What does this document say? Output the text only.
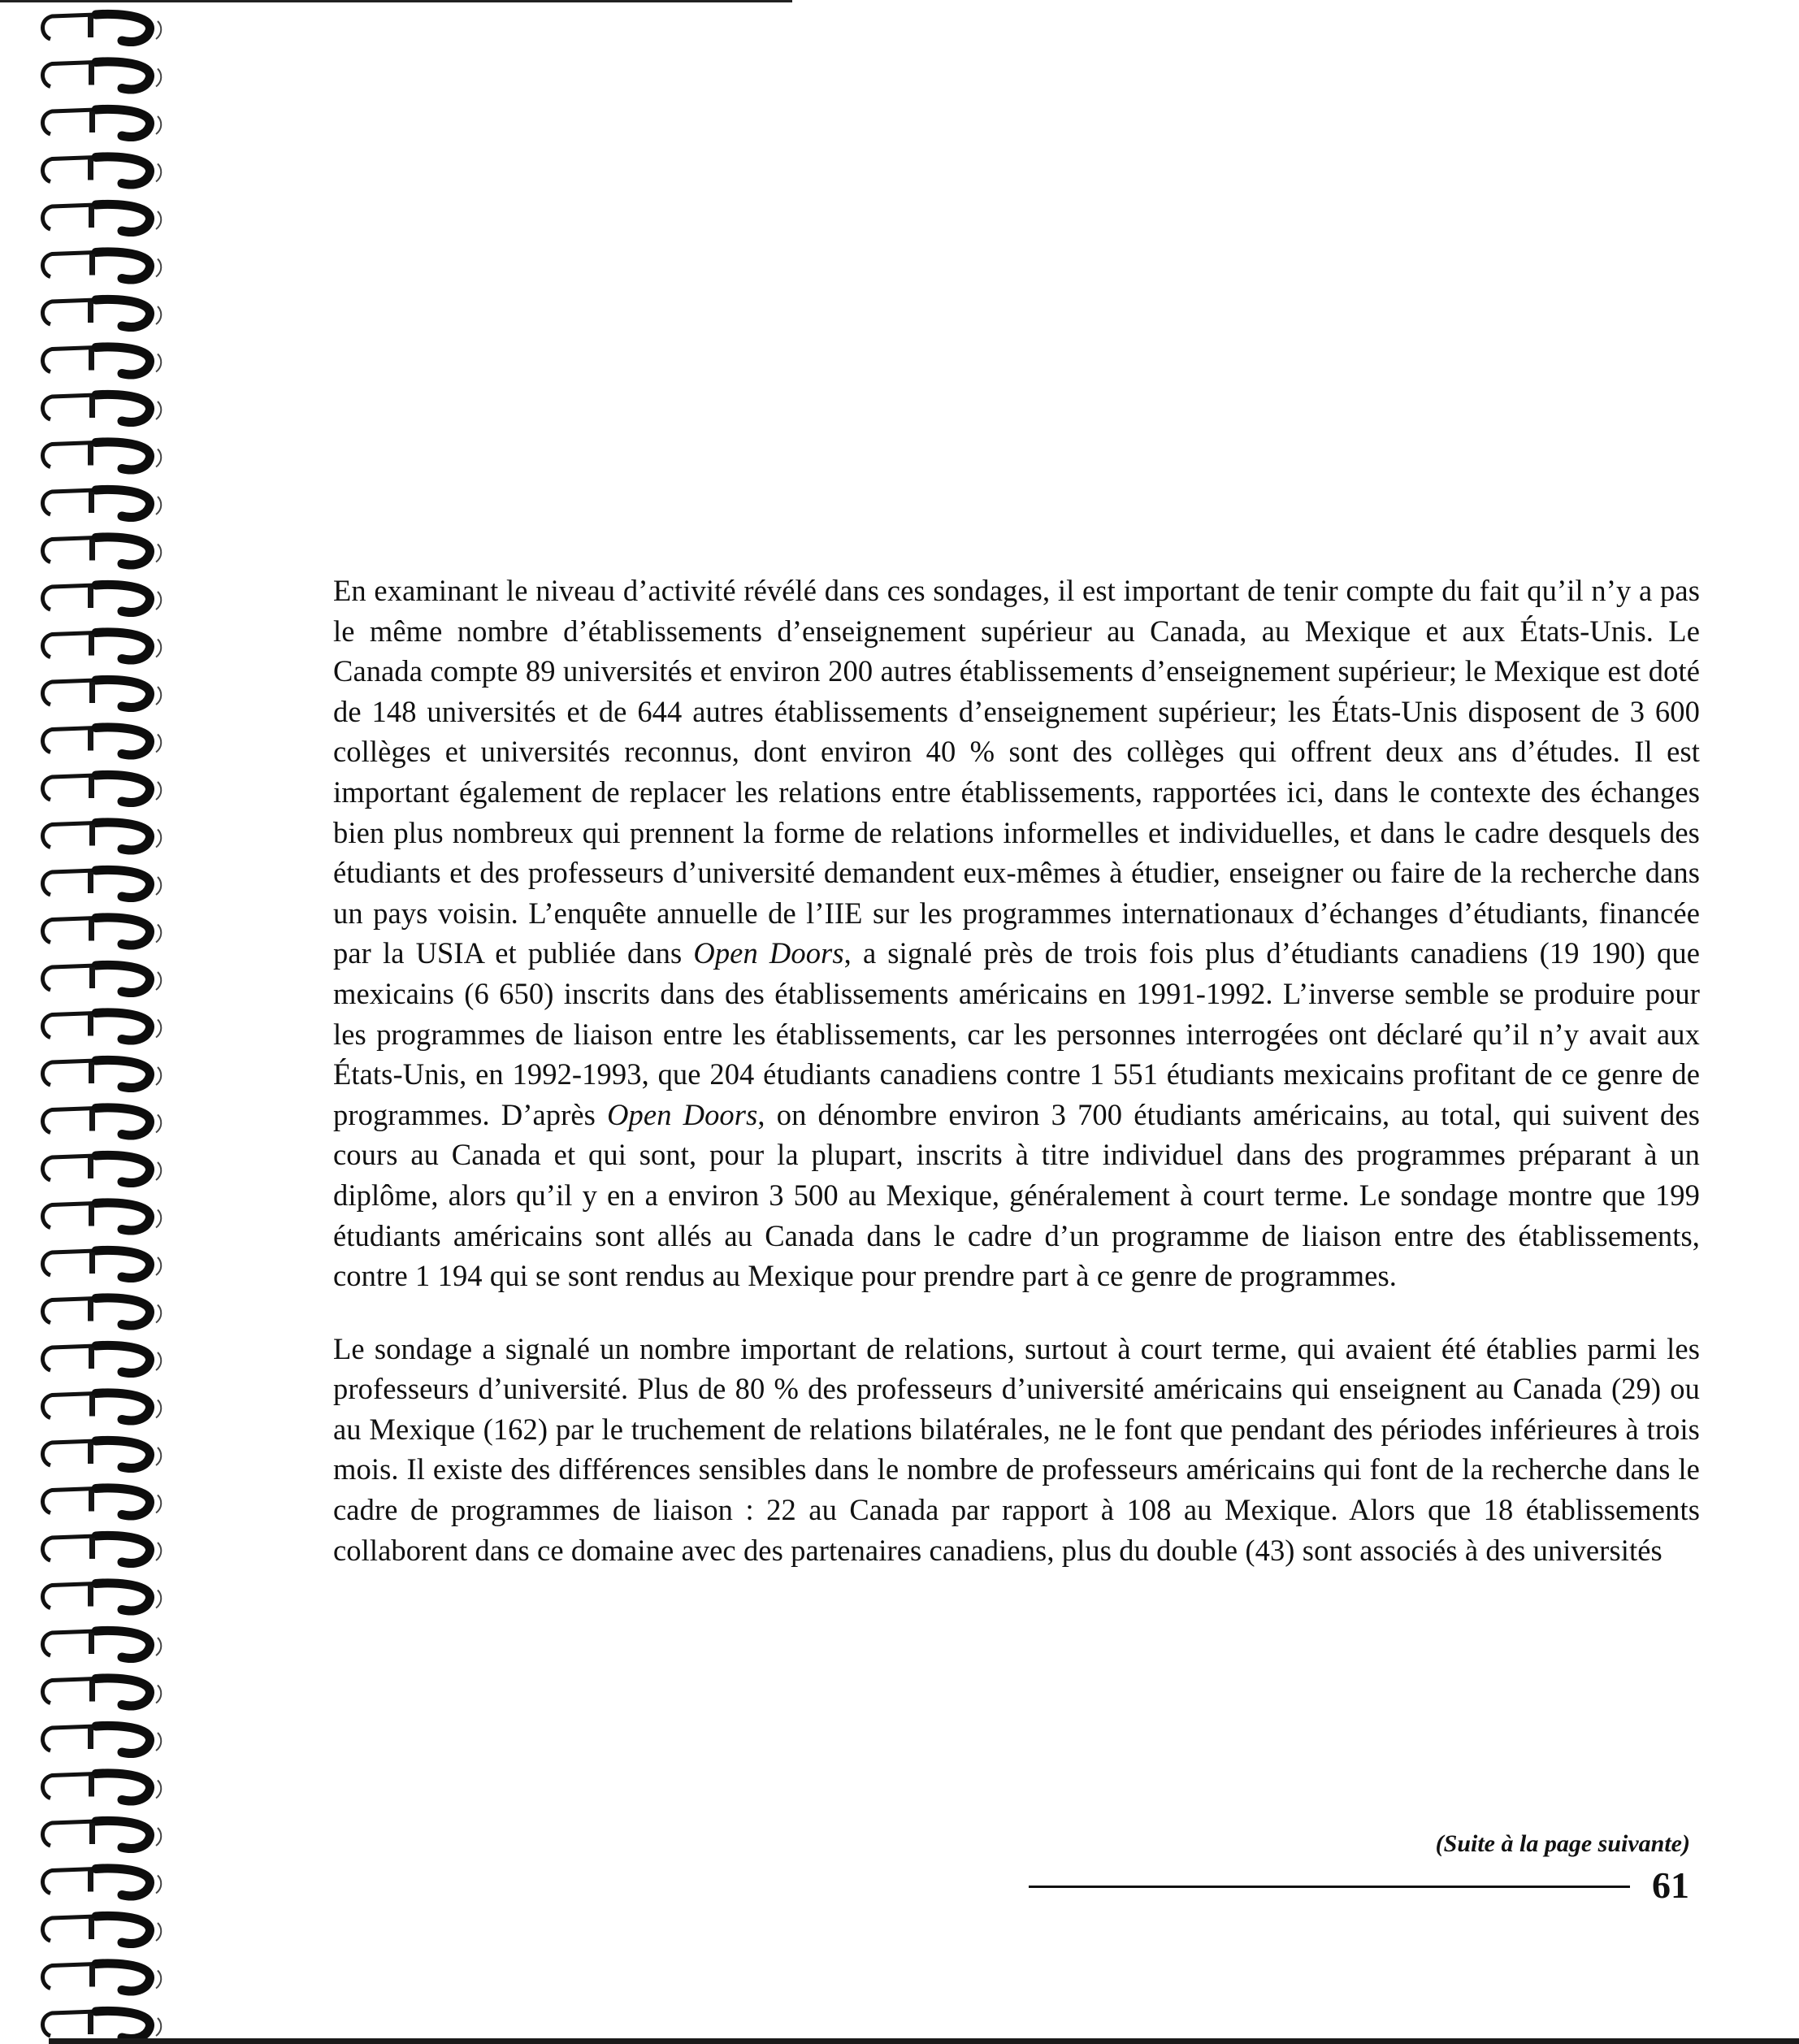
En examinant le niveau d’activité révélé dans ces sondages, il est important de tenir compte du fait qu’il n’y a pas le même nombre d’établissements d’enseignement supérieur au Canada, au Mexique et aux États-Unis. Le Canada compte 89 universités et environ 200 autres établissements d’enseignement supérieur; le Mexique est doté de 148 universités et de 644 autres établissements d’enseignement supérieur; les États-Unis disposent de 3 600 collèges et universités reconnus, dont environ 40 % sont des collèges qui offrent deux ans d’études. Il est important également de replacer les relations entre établissements, rapportées ici, dans le contexte des échanges bien plus nombreux qui prennent la forme de relations informelles et individuelles, et dans le cadre desquels des étudiants et des professeurs d’université demandent eux-mêmes à étudier, enseigner ou faire de la recherche dans un pays voisin. L’enquête annuelle de l’IIE sur les programmes internationaux d’échanges d’étudiants, financée par la USIA et publiée dans Open Doors, a signalé près de trois fois plus d’étudiants canadiens (19 190) que mexicains (6 650) inscrits dans des établissements américains en 1991-1992. L’inverse semble se produire pour les programmes de liaison entre les établissements, car les personnes interrogées ont déclaré qu’il n’y avait aux États-Unis, en 1992-1993, que 204 étudiants canadiens contre 1 551 étudiants mexicains profitant de ce genre de programmes. D’après Open Doors, on dénombre environ 3 700 étudiants américains, au total, qui suivent des cours au Canada et qui sont, pour la plupart, inscrits à titre individuel dans des programmes préparant à un diplôme, alors qu’il y en a environ 3 500 au Mexique, généralement à court terme. Le sondage montre que 199 étudiants américains sont allés au Canada dans le cadre d’un programme de liaison entre des établissements, contre 1 194 qui se sont rendus au Mexique pour prendre part à ce genre de programmes.

Le sondage a signalé un nombre important de relations, surtout à court terme, qui avaient été établies parmi les professeurs d’université. Plus de 80 % des professeurs d’université américains qui enseignent au Canada (29) ou au Mexique (162) par le truchement de relations bilatérales, ne le font que pendant des périodes inférieures à trois mois. Il existe des différences sensibles dans le nombre de professeurs américains qui font de la recherche dans le cadre de programmes de liaison : 22 au Canada par rapport à 108 au Mexique. Alors que 18 établissements collaborent dans ce domaine avec des partenaires canadiens, plus du double (43) sont associés à des universités

(Suite à la page suivante)
61
